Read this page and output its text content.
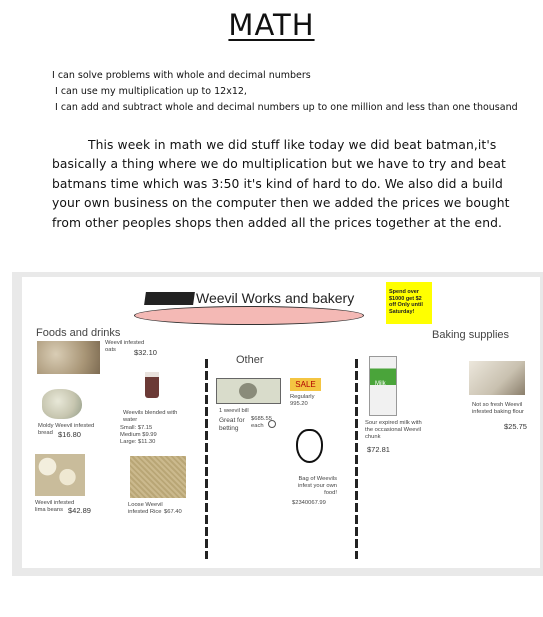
MATH
I can solve problems with whole and decimal numbers
I can use my multiplication up to 12x12,
I can add and subtract whole and decimal numbers up to one million and less than one thousand
This week in math we did stuff like today we did beat batman,it's basically a thing where we do multiplication but we have to try and beat batmans time which was 3:50 it's kind of hard to do. We also did a build your own business on the computer then we added the prices we bought from other peoples shops then added all the prices together at the end.
Weevil Works and bakery	Spend over $1000 get $2 off Only until Saturday!
Foods and drinks
Other
Baking supplies
Weevil infested oats	$32.10
Moldy Weevil infested bread $16.80
Weevils blended with water
Small: $7.15
Medium $9.99
Large: $11.30
Weevil infested lima beans $42.89
Loose Weevil infested Rice $67.40
1 weevil bill
Great for betting
$685.55
each
SALE
Regularly
995.20
Bag of Weevils infest your own food!
$2340067.99
Milk
Sour expired milk with the occasional Weevil chunk
$72.81
Not so fresh Weevil infested baking flour
$25.75
